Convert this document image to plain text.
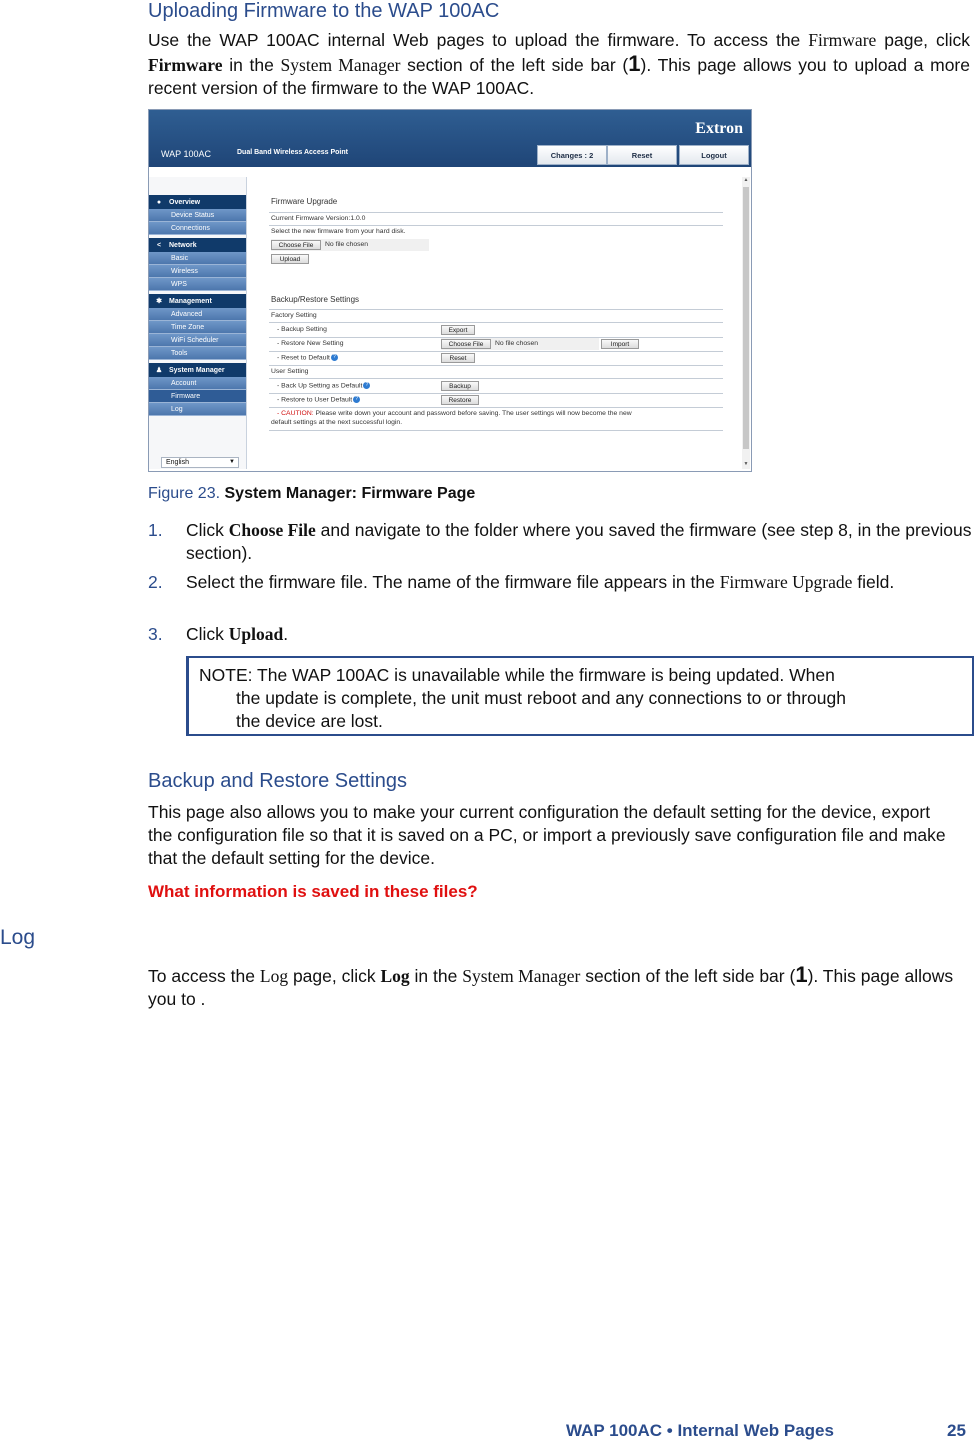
Uploading Firmware to the WAP 100AC

Use the WAP 100AC internal Web pages to upload the firmware. To access the Firmware page, click Firmware in the System Manager section of the left side bar (1). This page allows you to upload a more recent version of the firmware to the WAP 100AC.

Extron
WAP 100AC	Dual Band Wireless Access Point	Changes : 2	Reset	Logout
● Overview
Device Status
Connections
< Network
Basic
Wireless
WPS
✱ Management
Advanced
Time Zone
WiFi Scheduler
Tools
♟ System Manager
Account
Firmware
Log
English	▼
Firmware Upgrade
Current Firmware Version:1.0.0
Select the new firmware from your hard disk.
Choose File	No file chosen
Upload
Backup/Restore Settings
Factory Setting
- Backup Setting	Export
- Restore New Setting	Choose File	No file chosen	Import
- Reset to Default ?	Reset
User Setting
- Back Up Setting as Default ?	Backup
- Restore to User Default ?	Restore
- CAUTION: Please write down your account and password before saving. The user settings will now become the new
default settings at the next successful login.
▲
▼
Figure 23. System Manager: Firmware Page
1. Click Choose File and navigate to the folder where you saved the firmware (see step 8, in the previous section).
2. Select the firmware file. The name of the firmware file appears in the Firmware Upgrade field.
3. Click Upload.
NOTE: The WAP 100AC is unavailable while the firmware is being updated. When
the update is complete, the unit must reboot and any connections to or through
the device are lost.
Backup and Restore Settings

This page also allows you to make your current configuration the default setting for the device, export the configuration file so that it is saved on a PC, or import a previously save configuration file and make that the default setting for the device.

What information is saved in these files?
Log

To access the Log page, click Log in the System Manager section of the left side bar (1). This page allows you to .

WAP 100AC • Internal Web Pages	25
